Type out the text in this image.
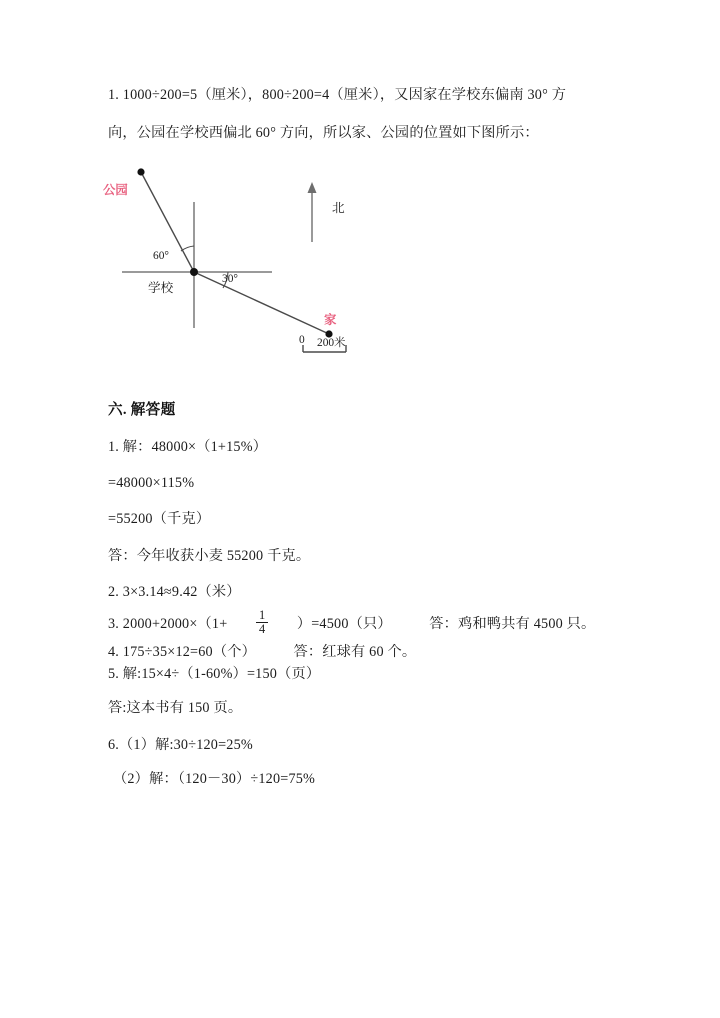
1. 1000÷200=5（厘米），800÷200=4（厘米），又因家在学校东偏南 30° 方
向，公园在学校西偏北 60° 方向，所以家、公园的位置如下图所示：
公园
学校
家
北
60°
30°
0 200米
六. 解答题
1. 解：48000×（1+15%）
=48000×115%
=55200（千克）
答：今年收获小麦 55200 千克。
2. 3×3.14≈9.42（米）
3. $2000+2000\times(1+ \frac{1}{4} )=4500$（只）	答：鸡和鸭共有 4500 只。
4. 175÷35×12=60（个）	答：红球有 60 个。
5. 解:15×4÷（1-60%）=150（页）
答:这本书有 150 页。
6.（1）解:30÷120=25%
（2）解：（120－30）÷120=75%
